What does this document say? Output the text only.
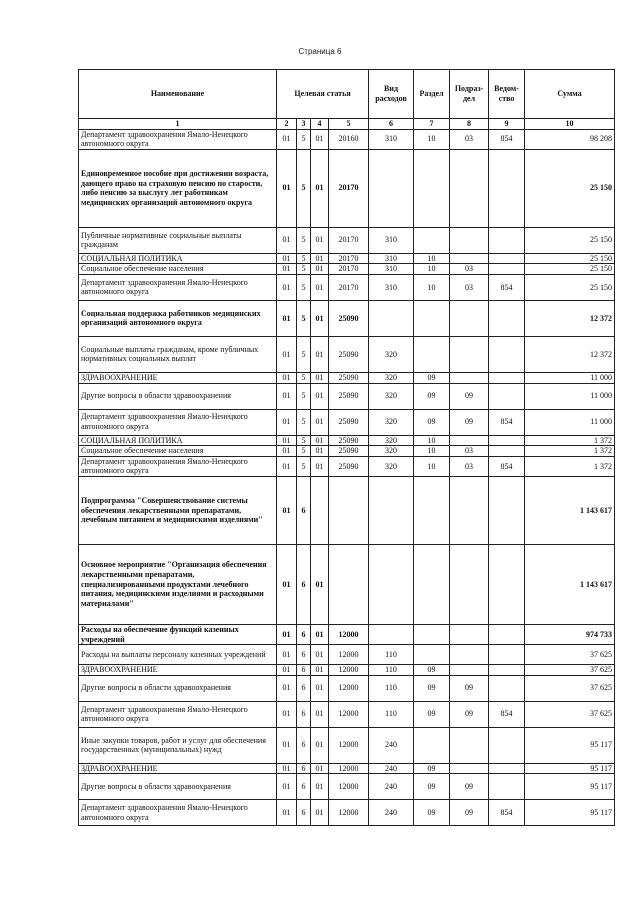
Страница 6
Наименование	Целевая статья				Вид расходов	Раздел	Подраз-дел	Ведом-ство	Сумма
1	2	3	4	5	6	7	8	9	10
Департамент здравоохранения Ямало-Ненецкого автономного округа	01	5	01	20160	310	10	03	854	98 208
Единовременное пособие при достижении возраста, дающего право на страховую пенсию по старости, либо пенсию за выслугу лет работникам медицинских организаций автономного округа	01	5	01	20170					25 150
Публичные нормативные социальные выплаты гражданам	01	5	01	20170	310				25 150
СОЦИАЛЬНАЯ ПОЛИТИКА	01	5	01	20170	310	10			25 150
Социальное обеспечение населения	01	5	01	20170	310	10	03		25 150
Департамент здравоохранения Ямало-Ненецкого автономного округа	01	5	01	20170	310	10	03	854	25 150
Социальная поддержка работников медицинских организаций автономного округа	01	5	01	25090					12 372
Социальные выплаты гражданам, кроме публичных нормативных социальных выплат	01	5	01	25090	320				12 372
ЗДРАВООХРАНЕНИЕ	01	5	01	25090	320	09			11 000
Другие вопросы в области здравоохранения	01	5	01	25090	320	09	09		11 000
Департамент здравоохранения Ямало-Ненецкого автономного округа	01	5	01	25090	320	09	09	854	11 000
СОЦИАЛЬНАЯ ПОЛИТИКА	01	5	01	25090	320	10			1 372
Социальное обеспечение населения	01	5	01	25090	320	10	03		1 372
Департамент здравоохранения Ямало-Ненецкого автономного округа	01	5	01	25090	320	10	03	854	1 372
Подпрограмма "Совершенствование системы обеспечения лекарственными препаратами, лечебным питанием и медицинскими изделиями"	01	6							1 143 617
Основное мероприятие "Организация обеспечения лекарственными препаратами, специализированными продуктами лечебного питания, медицинскими изделиями и расходными материалами"	01	6	01						1 143 617
Расходы на обеспечение функций казенных учреждений	01	6	01	12000					974 733
Расходы на выплаты персоналу казенных учреждений	01	6	01	12000	110				37 625
ЗДРАВООХРАНЕНИЕ	01	6	01	12000	110	09			37 625
Другие вопросы в области здравоохранения	01	6	01	12000	110	09	09		37 625
Департамент здравоохранения Ямало-Ненецкого автономного округа	01	6	01	12000	110	09	09	854	37 625
Иные закупки товаров, работ и услуг для обеспечения государственных (муниципальных) нужд	01	6	01	12000	240				95 117
ЗДРАВООХРАНЕНИЕ	01	6	01	12000	240	09			95 117
Другие вопросы в области здравоохранения	01	6	01	12000	240	09	09		95 117
Департамент здравоохранения Ямало-Ненецкого автономного округа	01	6	01	12000	240	09	09	854	95 117
